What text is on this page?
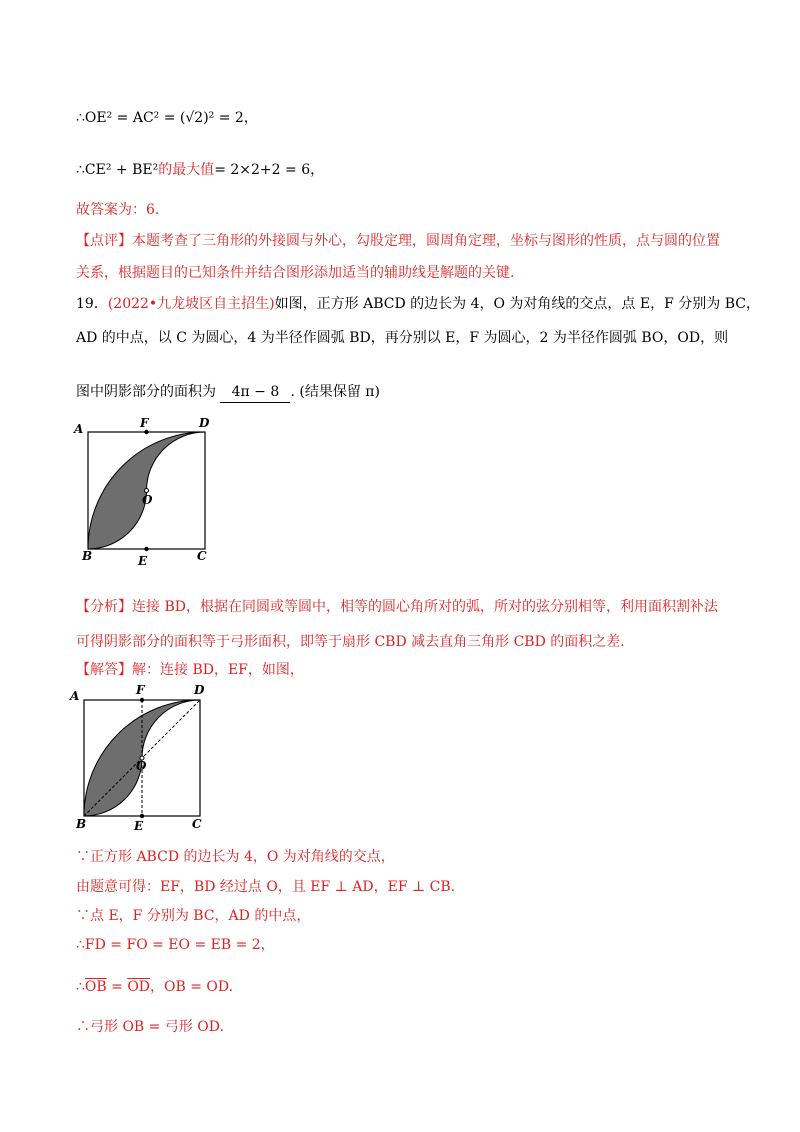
∴OE² = AC² = (√2)² = 2，
∴CE² + BE²的最大值= 2×2+2 = 6，
故答案为：6.
【点评】本题考查了三角形的外接圆与外心，勾股定理，圆周角定理，坐标与图形的性质，点与圆的位置
关系，根据题目的已知条件并结合图形添加适当的辅助线是解题的关键.
19．(2022•九龙坡区自主招生)如图，正方形 ABCD 的边长为 4，O 为对角线的交点，点 E，F 分别为 BC，
AD 的中点，以 C 为圆心，4 为半径作圆弧 BD，再分别以 E，F 为圆心，2 为半径作圆弧 BO，OD，则
图中阴影部分的面积为 4π − 8 . (结果保留 π)
A	F	D
O
B	E	C
【分析】连接 BD，根据在同圆或等圆中，相等的圆心角所对的弧，所对的弦分别相等，利用面积割补法
可得阴影部分的面积等于弓形面积，即等于扇形 CBD 减去直角三角形 CBD 的面积之差.
【解答】解：连接 BD，EF，如图，
A	F	D
O
B	E	C
∵正方形 ABCD 的边长为 4，O 为对角线的交点，
由题意可得：EF，BD 经过点 O，且 EF ⊥ AD，EF ⊥ CB.
∵点 E，F 分别为 BC，AD 的中点，
∴FD = FO = EO = EB = 2，
$\therefore\overline{OB} = \overline{OD}$，OB = OD.
∴弓形 OB = 弓形 OD.
